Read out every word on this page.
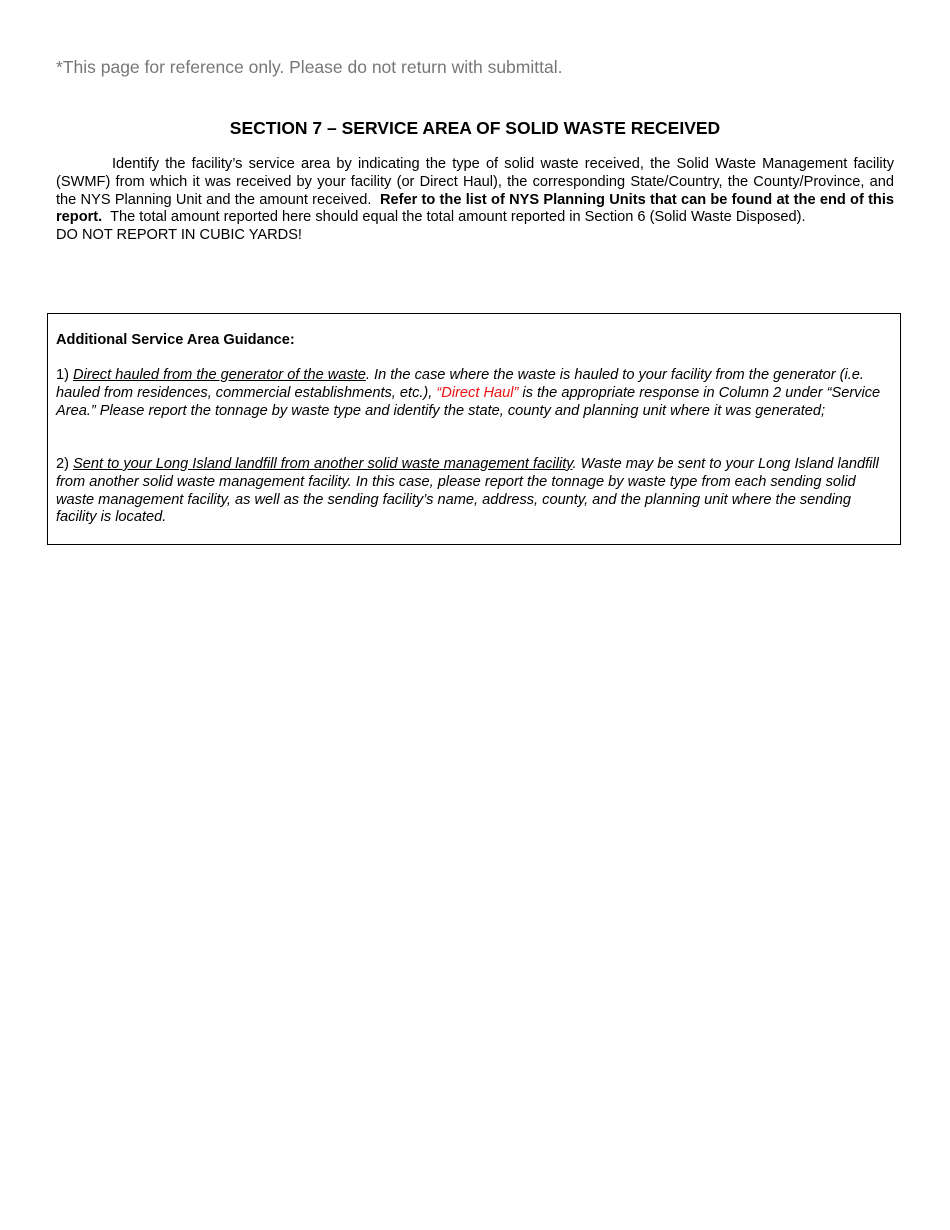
*This page for reference only. Please do not return with submittal.
SECTION 7 – SERVICE AREA OF SOLID WASTE RECEIVED
Identify the facility’s service area by indicating the type of solid waste received, the Solid Waste Management facility (SWMF) from which it was received by your facility (or Direct Haul), the corresponding State/Country, the County/Province, and the NYS Planning Unit and the amount received. Refer to the list of NYS Planning Units that can be found at the end of this report. The total amount reported here should equal the total amount reported in Section 6 (Solid Waste Disposed).
DO NOT REPORT IN CUBIC YARDS!
Additional Service Area Guidance:
1) Direct hauled from the generator of the waste. In the case where the waste is hauled to your facility from the generator (i.e. hauled from residences, commercial establishments, etc.), “Direct Haul” is the appropriate response in Column 2 under “Service Area.” Please report the tonnage by waste type and identify the state, county and planning unit where it was generated;
2) Sent to your Long Island landfill from another solid waste management facility. Waste may be sent to your Long Island landfill from another solid waste management facility. In this case, please report the tonnage by waste type from each sending solid waste management facility, as well as the sending facility’s name, address, county, and the planning unit where the sending facility is located.
